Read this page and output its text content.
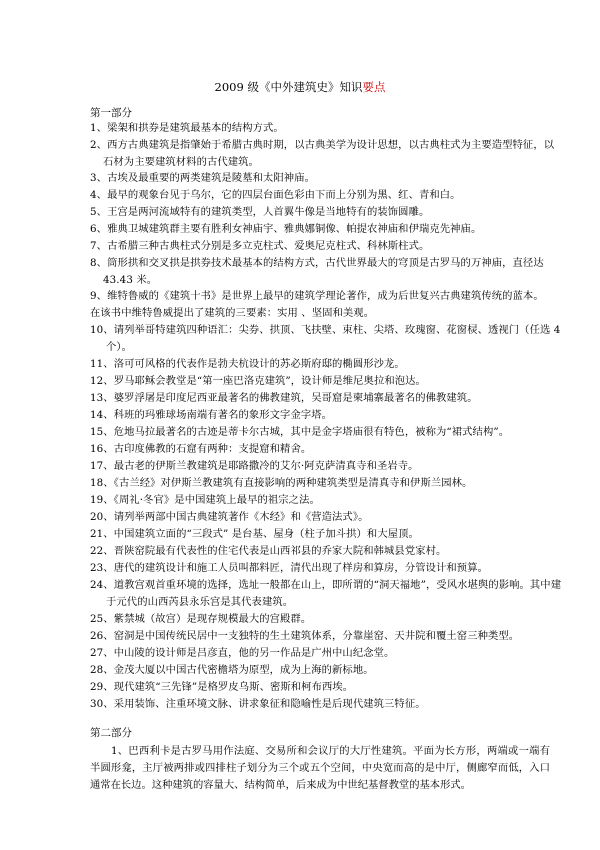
2009 级《中外建筑史》知识要点
第一部分
1、梁架和拱券是建筑最基本的结构方式。
2、西方古典建筑是指肇始于希腊古典时期，以古典美学为设计思想，以古典柱式为主要造型特征，以石材为主要建筑材料的古代建筑。
3、古埃及最重要的两类建筑是陵墓和太阳神庙。
4、最早的观象台见于乌尔，它的四层台面色彩由下而上分别为黑、红、青和白。
5、王宫是两河流域特有的建筑类型，人首翼牛像是当地特有的装饰圆雕。
6、雅典卫城建筑群主要有胜利女神庙宇、雅典娜铜像、帕提农神庙和伊瑞克先神庙。
7、古希腊三种古典柱式分别是多立克柱式、爱奥尼克柱式、科林斯柱式。
8、筒形拱和交叉拱是拱券技术最基本的结构方式，古代世界最大的穹顶是古罗马的万神庙，直径达 43.43 米。
9、维特鲁威的《建筑十书》是世界上最早的建筑学理论著作，成为后世复兴古典建筑传统的蓝本。在该书中维特鲁威提出了建筑的三要素：实用 、坚固和美观。
10、请列举哥特建筑四种语汇：尖券、拱顶、飞扶壁、束柱、尖塔、玫瑰窗、花窗棂、透视门（任选 4 个）。
11、洛可可风格的代表作是勃夫杭设计的苏必斯府邸的椭圆形沙龙。
12、罗马耶稣会教堂是“第一座巴洛克建筑”，设计师是维尼奥拉和泡达。
13、婆罗浮屠是印度尼西亚最著名的佛教建筑，吴哥窟是柬埔寨最著名的佛教建筑。
14、科班的玛雅球场南端有著名的象形文字金字塔。
15、危地马拉最著名的古迹是蒂卡尔古城，其中是金字塔庙很有特色，被称为“裙式结构”。
16、古印度佛教的石窟有两种：支提窟和精舍。
17、最古老的伊斯兰教建筑是耶路撒冷的艾尔·阿克萨清真寺和圣岩寺。
18、《古兰经》对伊斯兰教建筑有直接影响的两种建筑类型是清真寺和伊斯兰园林。
19、《周礼·冬官》是中国建筑上最早的祖宗之法。
20、请列举两部中国古典建筑著作《木经》和《营造法式》。
21、中国建筑立面的“三段式” 是台基、屋身（柱子加斗拱）和大屋顶。
22、晋陕窑院最有代表性的住宅代表是山西祁县的乔家大院和韩城县党家村。
23、唐代的建筑设计和施工人员叫都料匠，清代出现了样房和算房，分管设计和预算。
24、道教宫观首重环境的选择，选址一般都在山上，即所谓的“洞天福地”，受风水堪舆的影响。其中建于元代的山西芮县永乐宫是其代表建筑。
25、紫禁城（故宫）是现存规模最大的宫殿群。
26、窑洞是中国传统民居中一支独特的生土建筑体系，分靠崖窑、天井院和覆土窑三种类型。
27、中山陵的设计师是吕彦直，他的另一作品是广州中山纪念堂。
28、金茂大厦以中国古代密檐塔为原型，成为上海的新标地。
29、现代建筑“三先锋”是格罗皮乌斯、密斯和柯布西埃。
30、采用装饰、注重环境文脉、讲求象征和隐喻性是后现代建筑三特征。
第二部分
1、巴西利卡是古罗马用作法庭、交易所和会议厅的大厅性建筑。平面为长方形，两端或一端有半圆形龛，主厅被两排或四排柱子划分为三个或五个空间，中央宽而高的是中厅，侧廊窄而低，入口通常在长边。这种建筑的容量大、结构简单，后来成为中世纪基督教堂的基本形式。
